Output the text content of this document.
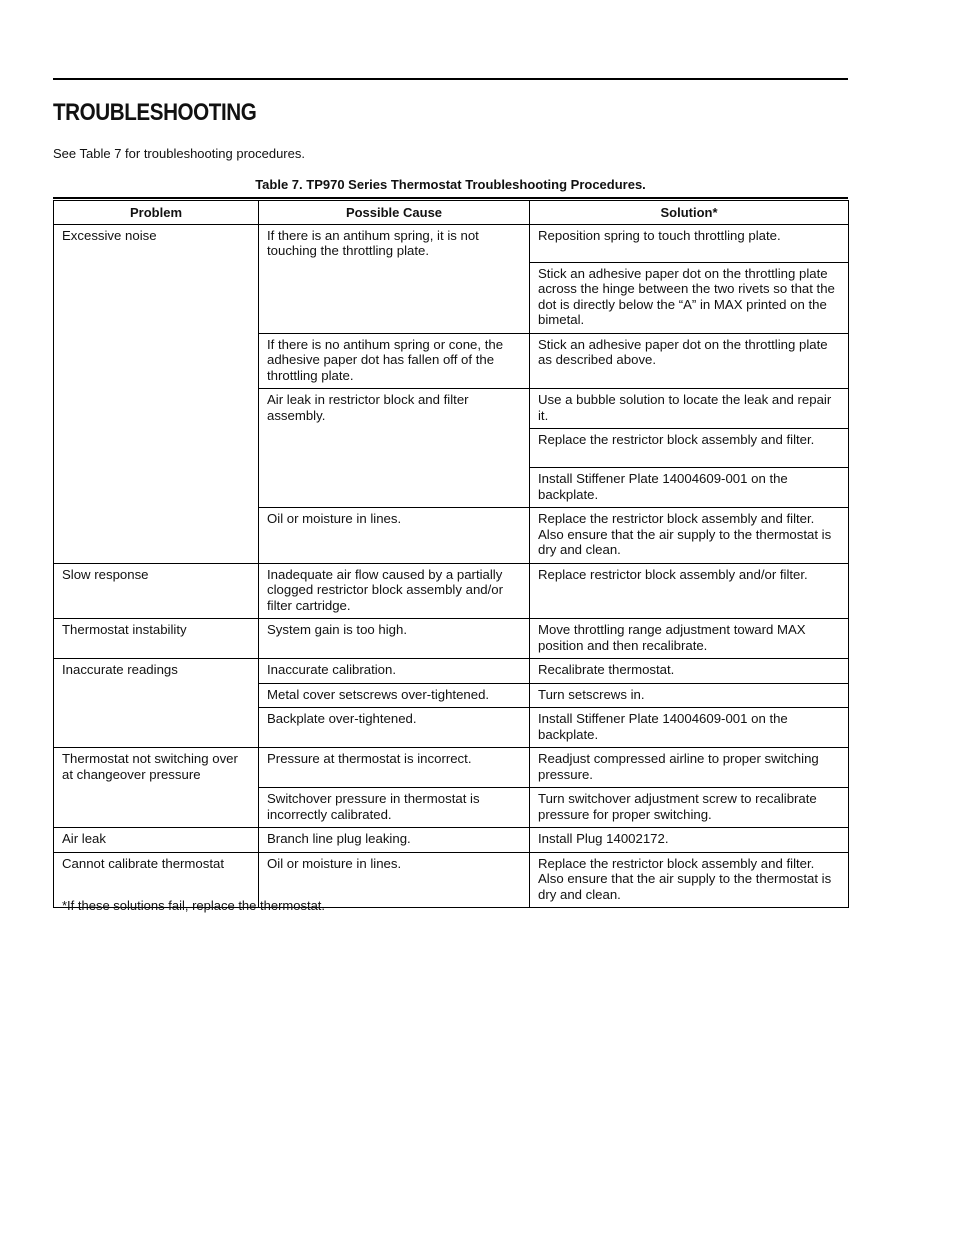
TROUBLESHOOTING
See Table 7 for troubleshooting procedures.
Table 7. TP970 Series Thermostat Troubleshooting Procedures.
Problem	Possible Cause	Solution*
Excessive noise	If there is an antihum spring, it is not touching the throttling plate.	Reposition spring to touch throttling plate.
		Stick an adhesive paper dot on the throttling plate across the hinge between the two rivets so that the dot is directly below the “A” in MAX printed on the bimetal.
	If there is no antihum spring or cone, the adhesive paper dot has fallen off of the throttling plate.	Stick an adhesive paper dot on the throttling plate as described above.
	Air leak in restrictor block and filter assembly.	Use a bubble solution to locate the leak and repair it.
		Replace the restrictor block assembly and filter.
		Install Stiffener Plate 14004609-001 on the backplate.
	Oil or moisture in lines.	Replace the restrictor block assembly and filter. Also ensure that the air supply to the thermostat is dry and clean.
Slow response	Inadequate air flow caused by a partially clogged restrictor block assembly and/or filter cartridge.	Replace restrictor block assembly and/or filter.
Thermostat instability	System gain is too high.	Move throttling range adjustment toward MAX position and then recalibrate.
Inaccurate readings	Inaccurate calibration.	Recalibrate thermostat.
	Metal cover setscrews over-tightened.	Turn setscrews in.
	Backplate over-tightened.	Install Stiffener Plate 14004609-001 on the backplate.
Thermostat not switching over at changeover pressure	Pressure at thermostat is incorrect.	Readjust compressed airline to proper switching pressure.
	Switchover pressure in thermostat is incorrectly calibrated.	Turn switchover adjustment screw to recalibrate pressure for proper switching.
Air leak	Branch line plug leaking.	Install Plug 14002172.
Cannot calibrate thermostat	Oil or moisture in lines.	Replace the restrictor block assembly and filter. Also ensure that the air supply to the thermostat is dry and clean.
*If these solutions fail, replace the thermostat.
